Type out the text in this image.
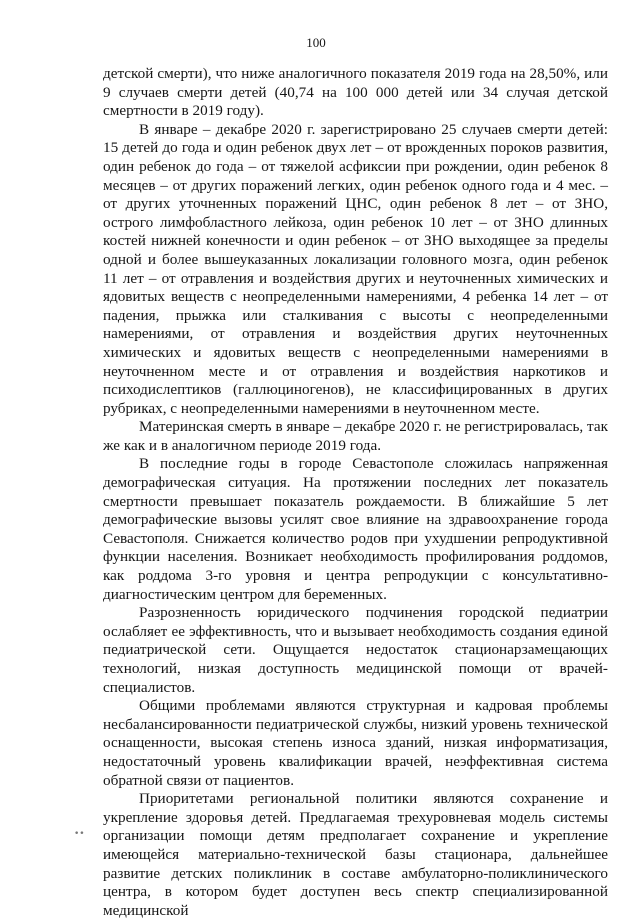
100

детской смерти), что ниже аналогичного показателя 2019 года на 28,50%, или 9 случаев смерти детей (40,74 на 100 000 детей или 34 случая детской смертности в 2019 году).

В январе – декабре 2020 г. зарегистрировано 25 случаев смерти детей: 15 детей до года и один ребенок двух лет – от врожденных пороков развития, один ребенок до года – от тяжелой асфиксии при рождении, один ребенок 8 месяцев – от других поражений легких, один ребенок одного года и 4 мес. – от других уточненных поражений ЦНС, один ребенок 8 лет – от ЗНО, острого лимфобластного лейкоза, один ребенок 10 лет – от ЗНО длинных костей нижней конечности и один ребенок – от ЗНО выходящее за пределы одной и более вышеуказанных локализации головного мозга, один ребенок 11 лет – от отравления и воздействия других и неуточненных химических и ядовитых веществ с неопределенными намерениями, 4 ребенка 14 лет – от падения, прыжка или сталкивания с высоты с неопределенными намерениями, от отравления и воздействия других неуточненных химических и ядовитых веществ с неопределенными намерениями в неуточненном месте и от отравления и воздействия наркотиков и психодислептиков (галлюциногенов), не классифицированных в других рубриках, с неопределенными намерениями в неуточненном месте.

Материнская смерть в январе – декабре 2020 г. не регистрировалась, так же как и в аналогичном периоде 2019 года.

В последние годы в городе Севастополе сложилась напряженная демографическая ситуация. На протяжении последних лет показатель смертности превышает показатель рождаемости. В ближайшие 5 лет демографические вызовы усилят свое влияние на здравоохранение города Севастополя. Снижается количество родов при ухудшении репродуктивной функции населения. Возникает необходимость профилирования роддомов, как роддома 3-го уровня и центра репродукции с консультативно-диагностическим центром для беременных.

Разрозненность юридического подчинения городской педиатрии ослабляет ее эффективность, что и вызывает необходимость создания единой педиатрической сети. Ощущается недостаток стационарзамещающих технологий, низкая доступность медицинской помощи от врачей-специалистов.

Общими проблемами являются структурная и кадровая проблемы несбалансированности педиатрической службы, низкий уровень технической оснащенности, высокая степень износа зданий, низкая информатизация, недостаточный уровень квалификации врачей, неэффективная система обратной связи от пациентов.

Приоритетами региональной политики являются сохранение и укрепление здоровья детей. Предлагаемая трехуровневая модель системы организации помощи детям предполагает сохранение и укрепление имеющейся материально-технической базы стационара, дальнейшее развитие детских поликлиник в составе амбулаторно-поликлинического центра, в котором будет доступен весь спектр специализированной медицинской

••
